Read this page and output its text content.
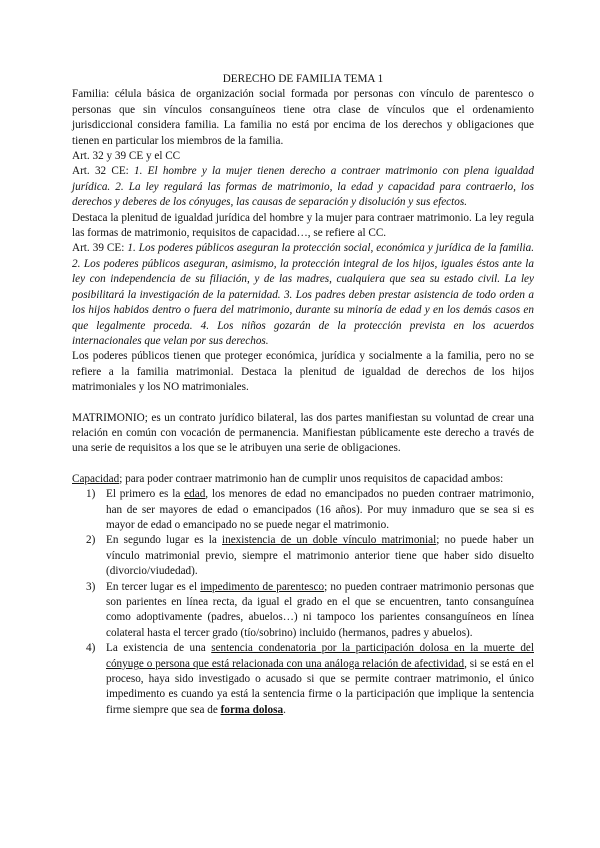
DERECHO DE FAMILIA TEMA 1

Familia: célula básica de organización social formada por personas con vínculo de parentesco o personas que sin vínculos consanguíneos tiene otra clase de vínculos que el ordenamiento jurisdiccional considera familia. La familia no está por encima de los derechos y obligaciones que tienen en particular los miembros de la familia.

Art. 32 y 39 CE y el CC

Art. 32 CE: 1. El hombre y la mujer tienen derecho a contraer matrimonio con plena igualdad jurídica. 2. La ley regulará las formas de matrimonio, la edad y capacidad para contraerlo, los derechos y deberes de los cónyuges, las causas de separación y disolución y sus efectos.

Destaca la plenitud de igualdad jurídica del hombre y la mujer para contraer matrimonio. La ley regula las formas de matrimonio, requisitos de capacidad…, se refiere al CC.

Art. 39 CE: 1. Los poderes públicos aseguran la protección social, económica y jurídica de la familia. 2. Los poderes públicos aseguran, asimismo, la protección integral de los hijos, iguales éstos ante la ley con independencia de su filiación, y de las madres, cualquiera que sea su estado civil. La ley posibilitará la investigación de la paternidad. 3. Los padres deben prestar asistencia de todo orden a los hijos habidos dentro o fuera del matrimonio, durante su minoría de edad y en los demás casos en que legalmente proceda. 4. Los niños gozarán de la protección prevista en los acuerdos internacionales que velan por sus derechos.

Los poderes públicos tienen que proteger económica, jurídica y socialmente a la familia, pero no se refiere a la familia matrimonial. Destaca la plenitud de igualdad de derechos de los hijos matrimoniales y los NO matrimoniales.

MATRIMONIO; es un contrato jurídico bilateral, las dos partes manifiestan su voluntad de crear una relación en común con vocación de permanencia. Manifiestan públicamente este derecho a través de una serie de requisitos a los que se le atribuyen una serie de obligaciones.

Capacidad; para poder contraer matrimonio han de cumplir unos requisitos de capacidad ambos:

1) El primero es la edad, los menores de edad no emancipados no pueden contraer matrimonio, han de ser mayores de edad o emancipados (16 años). Por muy inmaduro que se sea si es mayor de edad o emancipado no se puede negar el matrimonio.
2) En segundo lugar es la inexistencia de un doble vínculo matrimonial; no puede haber un vínculo matrimonial previo, siempre el matrimonio anterior tiene que haber sido disuelto (divorcio/viudedad).
3) En tercer lugar es el impedimento de parentesco; no pueden contraer matrimonio personas que son parientes en línea recta, da igual el grado en el que se encuentren, tanto consanguínea como adoptivamente (padres, abuelos…) ni tampoco los parientes consanguíneos en línea colateral hasta el tercer grado (tío/sobrino) incluido (hermanos, padres y abuelos).
4) La existencia de una sentencia condenatoria por la participación dolosa en la muerte del cónyuge o persona que está relacionada con una análoga relación de afectividad, si se está en el proceso, haya sido investigado o acusado si que se permite contraer matrimonio, el único impedimento es cuando ya está la sentencia firme o la participación que implique la sentencia firme siempre que sea de forma dolosa.
